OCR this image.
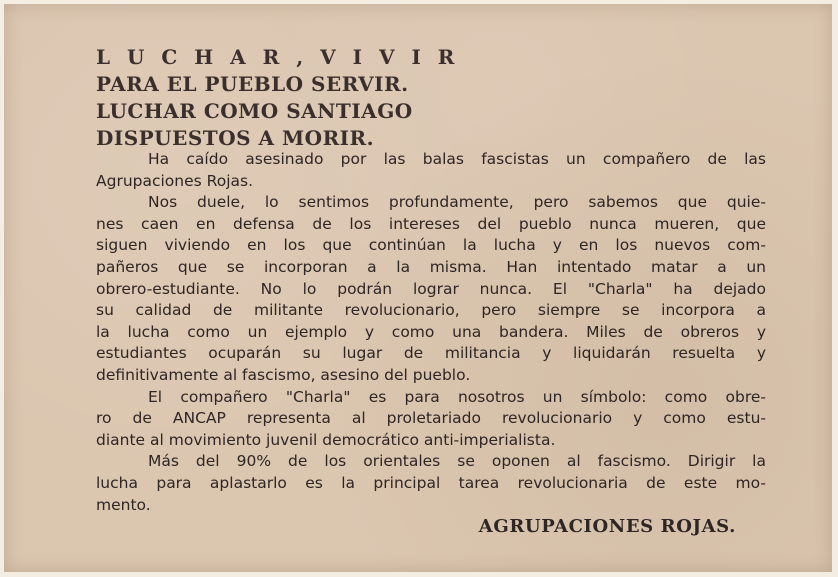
L U C H A R , V I V I R
PARA EL PUEBLO SERVIR.
LUCHAR COMO SANTIAGO
DISPUESTOS A MORIR.
Ha caído asesinado por las balas fascistas un compañero de las
Agrupaciones Rojas.
Nos duele, lo sentimos profundamente, pero sabemos que quie-
nes caen en defensa de los intereses del pueblo nunca mueren, que
siguen viviendo en los que continúan la lucha y en los nuevos com-
pañeros que se incorporan a la misma. Han intentado matar a un
obrero-estudiante. No lo podrán lograr nunca. El "Charla" ha dejado
su calidad de militante revolucionario, pero siempre se incorpora a
la lucha como un ejemplo y como una bandera. Miles de obreros y
estudiantes ocuparán su lugar de militancia y liquidarán resuelta y
definitivamente al fascismo, asesino del pueblo.
El compañero "Charla" es para nosotros un símbolo: como obre-
ro de ANCAP representa al proletariado revolucionario y como estu-
diante al movimiento juvenil democrático anti-imperialista.
Más del 90% de los orientales se oponen al fascismo. Dirigir la
lucha para aplastarlo es la principal tarea revolucionaria de este mo-
mento.
AGRUPACIONES ROJAS.
